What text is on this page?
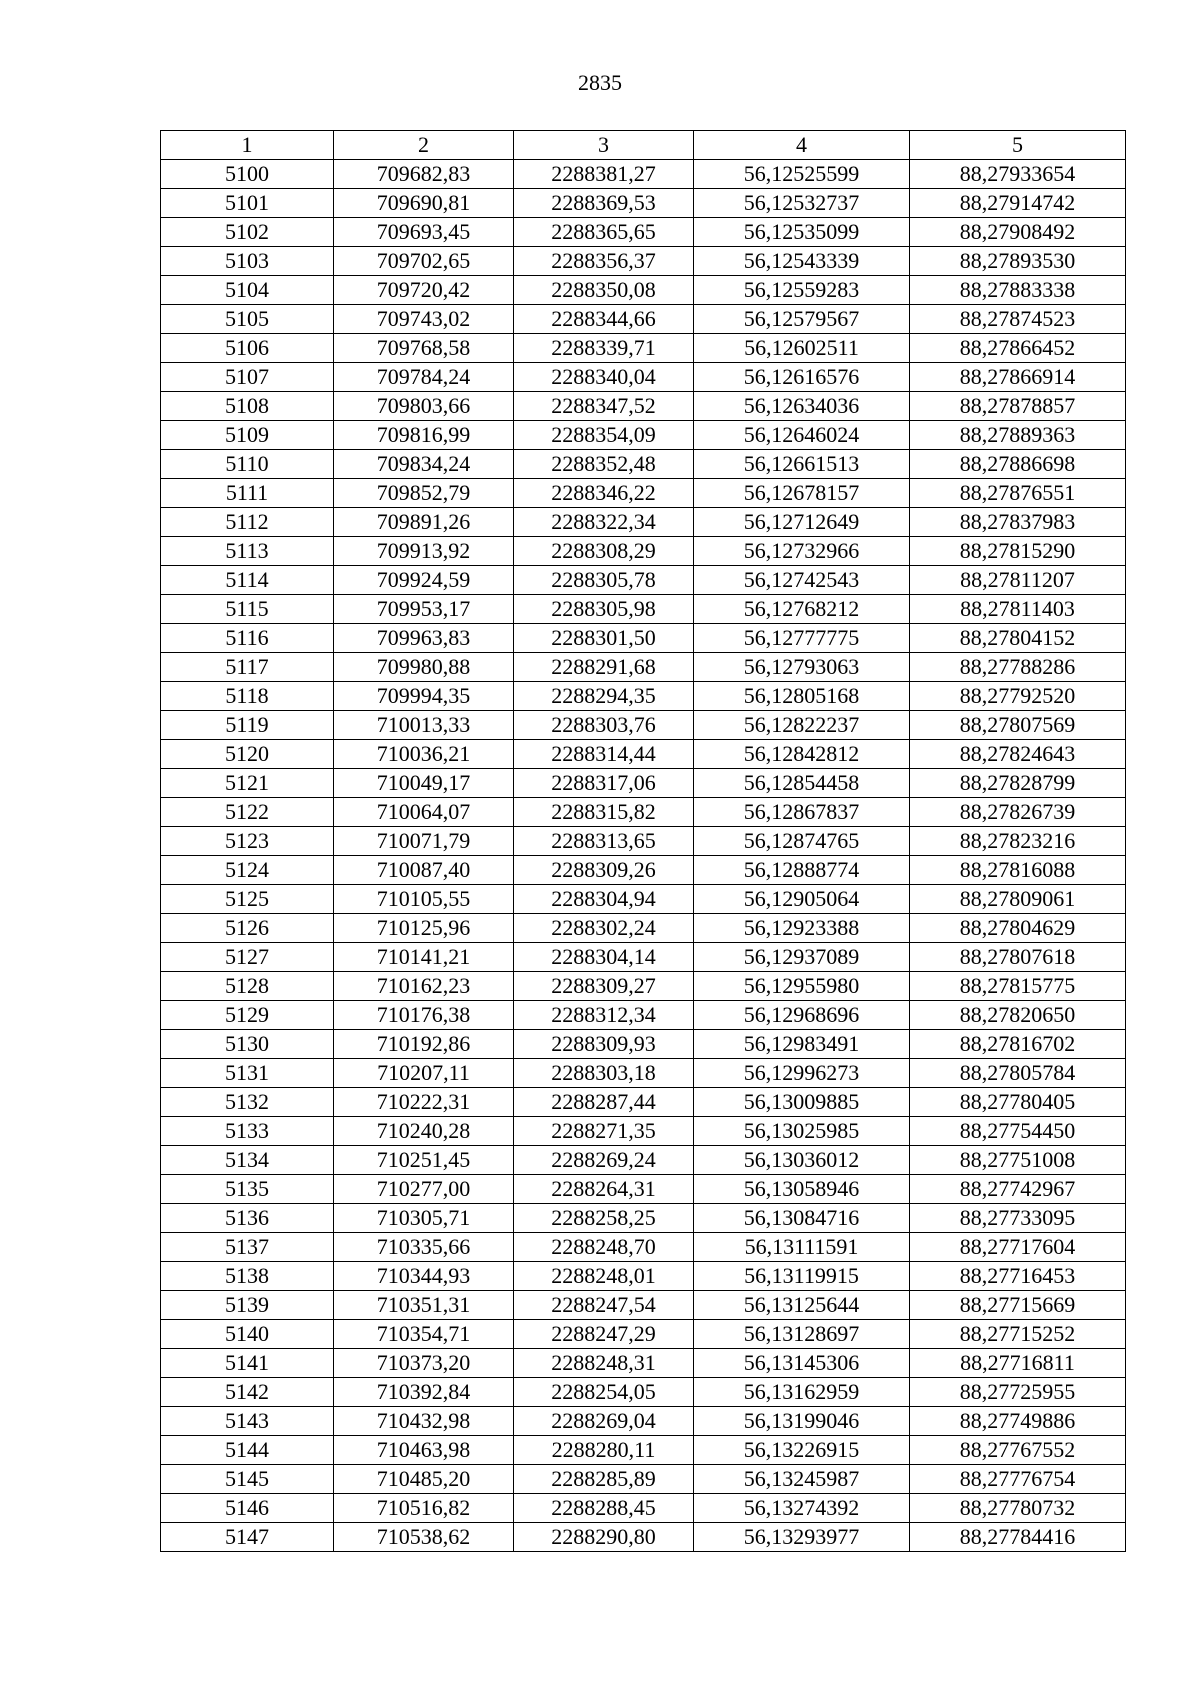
2835
1	2	3	4	5
5100	709682,83	2288381,27	56,12525599	88,27933654
5101	709690,81	2288369,53	56,12532737	88,27914742
5102	709693,45	2288365,65	56,12535099	88,27908492
5103	709702,65	2288356,37	56,12543339	88,27893530
5104	709720,42	2288350,08	56,12559283	88,27883338
5105	709743,02	2288344,66	56,12579567	88,27874523
5106	709768,58	2288339,71	56,12602511	88,27866452
5107	709784,24	2288340,04	56,12616576	88,27866914
5108	709803,66	2288347,52	56,12634036	88,27878857
5109	709816,99	2288354,09	56,12646024	88,27889363
5110	709834,24	2288352,48	56,12661513	88,27886698
5111	709852,79	2288346,22	56,12678157	88,27876551
5112	709891,26	2288322,34	56,12712649	88,27837983
5113	709913,92	2288308,29	56,12732966	88,27815290
5114	709924,59	2288305,78	56,12742543	88,27811207
5115	709953,17	2288305,98	56,12768212	88,27811403
5116	709963,83	2288301,50	56,12777775	88,27804152
5117	709980,88	2288291,68	56,12793063	88,27788286
5118	709994,35	2288294,35	56,12805168	88,27792520
5119	710013,33	2288303,76	56,12822237	88,27807569
5120	710036,21	2288314,44	56,12842812	88,27824643
5121	710049,17	2288317,06	56,12854458	88,27828799
5122	710064,07	2288315,82	56,12867837	88,27826739
5123	710071,79	2288313,65	56,12874765	88,27823216
5124	710087,40	2288309,26	56,12888774	88,27816088
5125	710105,55	2288304,94	56,12905064	88,27809061
5126	710125,96	2288302,24	56,12923388	88,27804629
5127	710141,21	2288304,14	56,12937089	88,27807618
5128	710162,23	2288309,27	56,12955980	88,27815775
5129	710176,38	2288312,34	56,12968696	88,27820650
5130	710192,86	2288309,93	56,12983491	88,27816702
5131	710207,11	2288303,18	56,12996273	88,27805784
5132	710222,31	2288287,44	56,13009885	88,27780405
5133	710240,28	2288271,35	56,13025985	88,27754450
5134	710251,45	2288269,24	56,13036012	88,27751008
5135	710277,00	2288264,31	56,13058946	88,27742967
5136	710305,71	2288258,25	56,13084716	88,27733095
5137	710335,66	2288248,70	56,13111591	88,27717604
5138	710344,93	2288248,01	56,13119915	88,27716453
5139	710351,31	2288247,54	56,13125644	88,27715669
5140	710354,71	2288247,29	56,13128697	88,27715252
5141	710373,20	2288248,31	56,13145306	88,27716811
5142	710392,84	2288254,05	56,13162959	88,27725955
5143	710432,98	2288269,04	56,13199046	88,27749886
5144	710463,98	2288280,11	56,13226915	88,27767552
5145	710485,20	2288285,89	56,13245987	88,27776754
5146	710516,82	2288288,45	56,13274392	88,27780732
5147	710538,62	2288290,80	56,13293977	88,27784416
